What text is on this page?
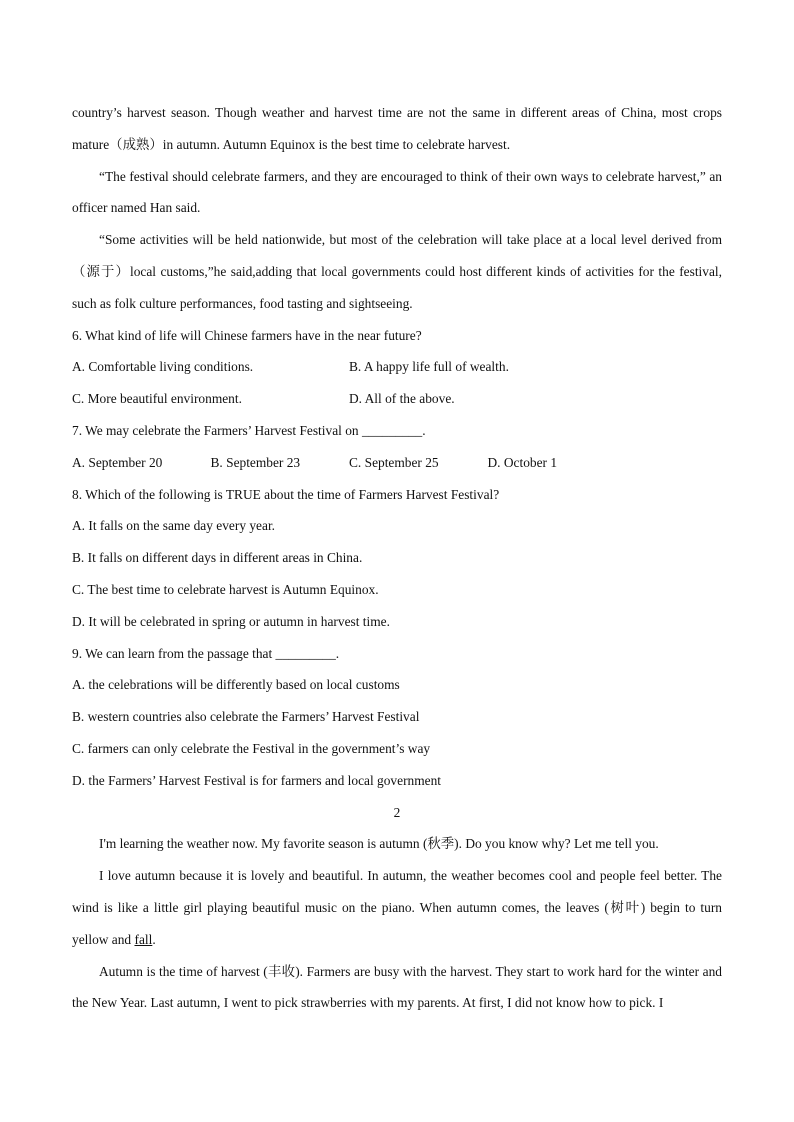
country’s harvest season. Though weather and harvest time are not the same in different areas of China, most crops mature（成熟）in autumn. Autumn Equinox is the best time to celebrate harvest.

“The festival should celebrate farmers, and they are encouraged to think of their own ways to celebrate harvest,” an officer named Han said.

“Some activities will be held nationwide, but most of the celebration will take place at a local level derived from（源于）local customs,”he said,adding that local governments could host different kinds of activities for the festival, such as folk culture performances, food tasting and sightseeing.

6. What kind of life will Chinese farmers have in the near future?

A. Comfortable living conditions.	B. A happy life full of wealth.
C. More beautiful environment.	D. All of the above.

7. We may celebrate the Farmers’ Harvest Festival on _________.

A. September 20	B. September 23	C. September 25	D. October 1

8. Which of the following is TRUE about the time of Farmers Harvest Festival?

A. It falls on the same day every year.

B. It falls on different days in different areas in China.

C. The best time to celebrate harvest is Autumn Equinox.

D. It will be celebrated in spring or autumn in harvest time.

9. We can learn from the passage that _________.

A. the celebrations will be differently based on local customs

B. western countries also celebrate the Farmers’ Harvest Festival

C. farmers can only celebrate the Festival in the government’s way

D. the Farmers’ Harvest Festival is for farmers and local government

2

I'm learning the weather now. My favorite season is autumn (秋季). Do you know why? Let me tell you.

I love autumn because it is lovely and beautiful. In autumn, the weather becomes cool and people feel better. The wind is like a little girl playing beautiful music on the piano. When autumn comes, the leaves (树叶) begin to turn yellow and fall.

Autumn is the time of harvest (丰收). Farmers are busy with the harvest. They start to work hard for the winter and the New Year. Last autumn, I went to pick strawberries with my parents. At first, I did not know how to pick. I
